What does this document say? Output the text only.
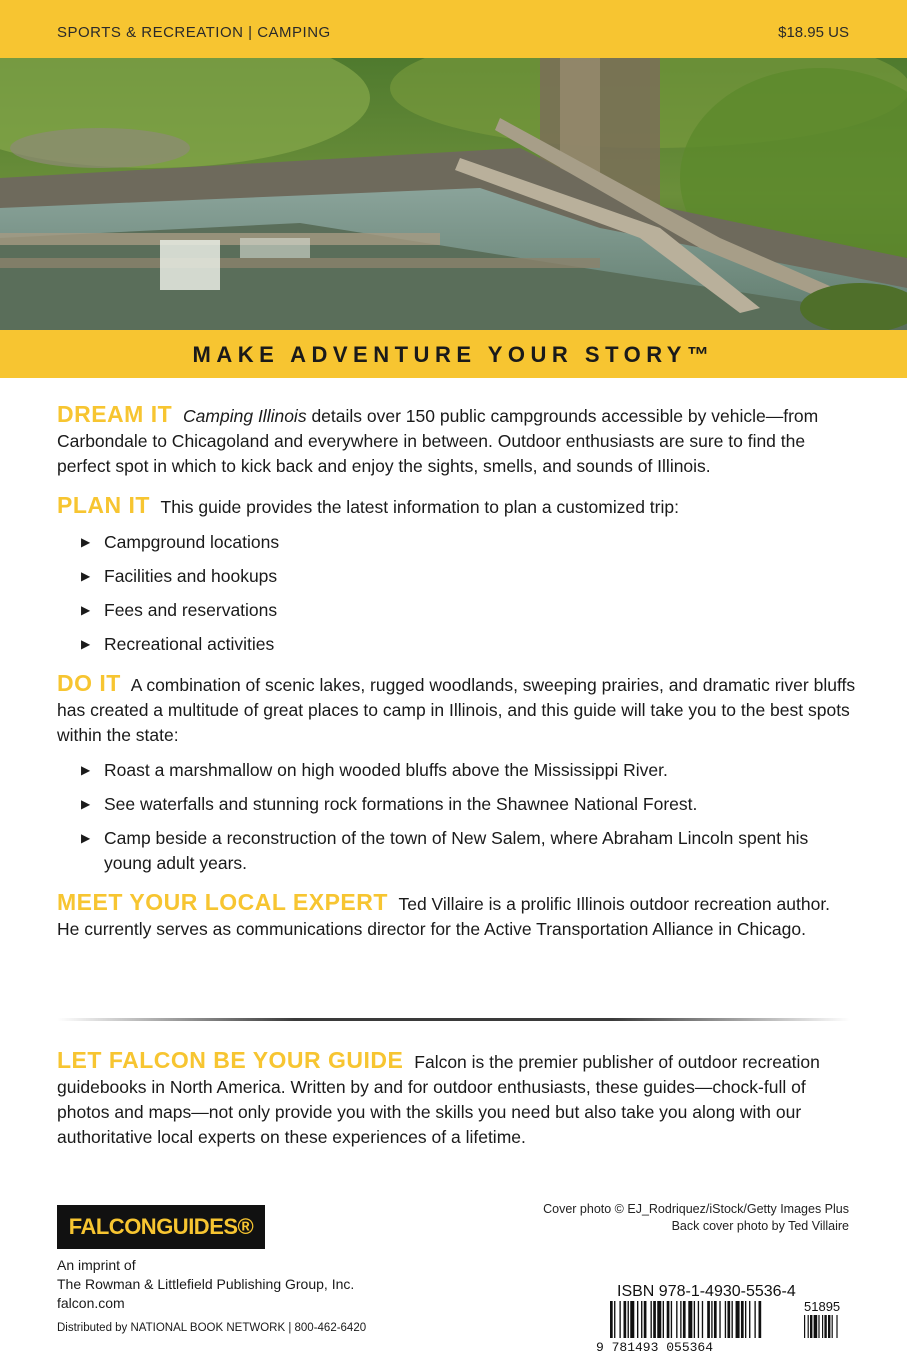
SPORTS & RECREATION | CAMPING	$18.95 US
MAKE ADVENTURE YOUR STORY™
DREAM IT Camping Illinois details over 150 public campgrounds accessible by vehicle—from Carbondale to Chicagoland and everywhere in between. Outdoor enthusiasts are sure to find the perfect spot in which to kick back and enjoy the sights, smells, and sounds of Illinois.
PLAN IT This guide provides the latest information to plan a customized trip:
▶ Campground locations
▶ Facilities and hookups
▶ Fees and reservations
▶ Recreational activities
DO IT A combination of scenic lakes, rugged woodlands, sweeping prairies, and dramatic river bluffs has created a multitude of great places to camp in Illinois, and this guide will take you to the best spots within the state:
▶ Roast a marshmallow on high wooded bluffs above the Mississippi River.
▶ See waterfalls and stunning rock formations in the Shawnee National Forest.
▶ Camp beside a reconstruction of the town of New Salem, where Abraham Lincoln spent his young adult years.
MEET YOUR LOCAL EXPERT Ted Villaire is a prolific Illinois outdoor recreation author. He currently serves as communications director for the Active Transportation Alliance in Chicago.
LET FALCON BE YOUR GUIDE Falcon is the premier publisher of outdoor recreation guidebooks in North America. Written by and for outdoor enthusiasts, these guides—chock-full of photos and maps—not only provide you with the skills you need but also take you along with our authoritative local experts on these experiences of a lifetime.
FALCONGUIDES®
An imprint of
The Rowman & Littlefield Publishing Group, Inc.
falcon.com
Distributed by NATIONAL BOOK NETWORK | 800-462-6420
Cover photo © EJ_Rodriquez/iStock/Getty Images Plus
Back cover photo by Ted Villaire
ISBN 978-1-4930-5536-4
51895
9 781493 055364
